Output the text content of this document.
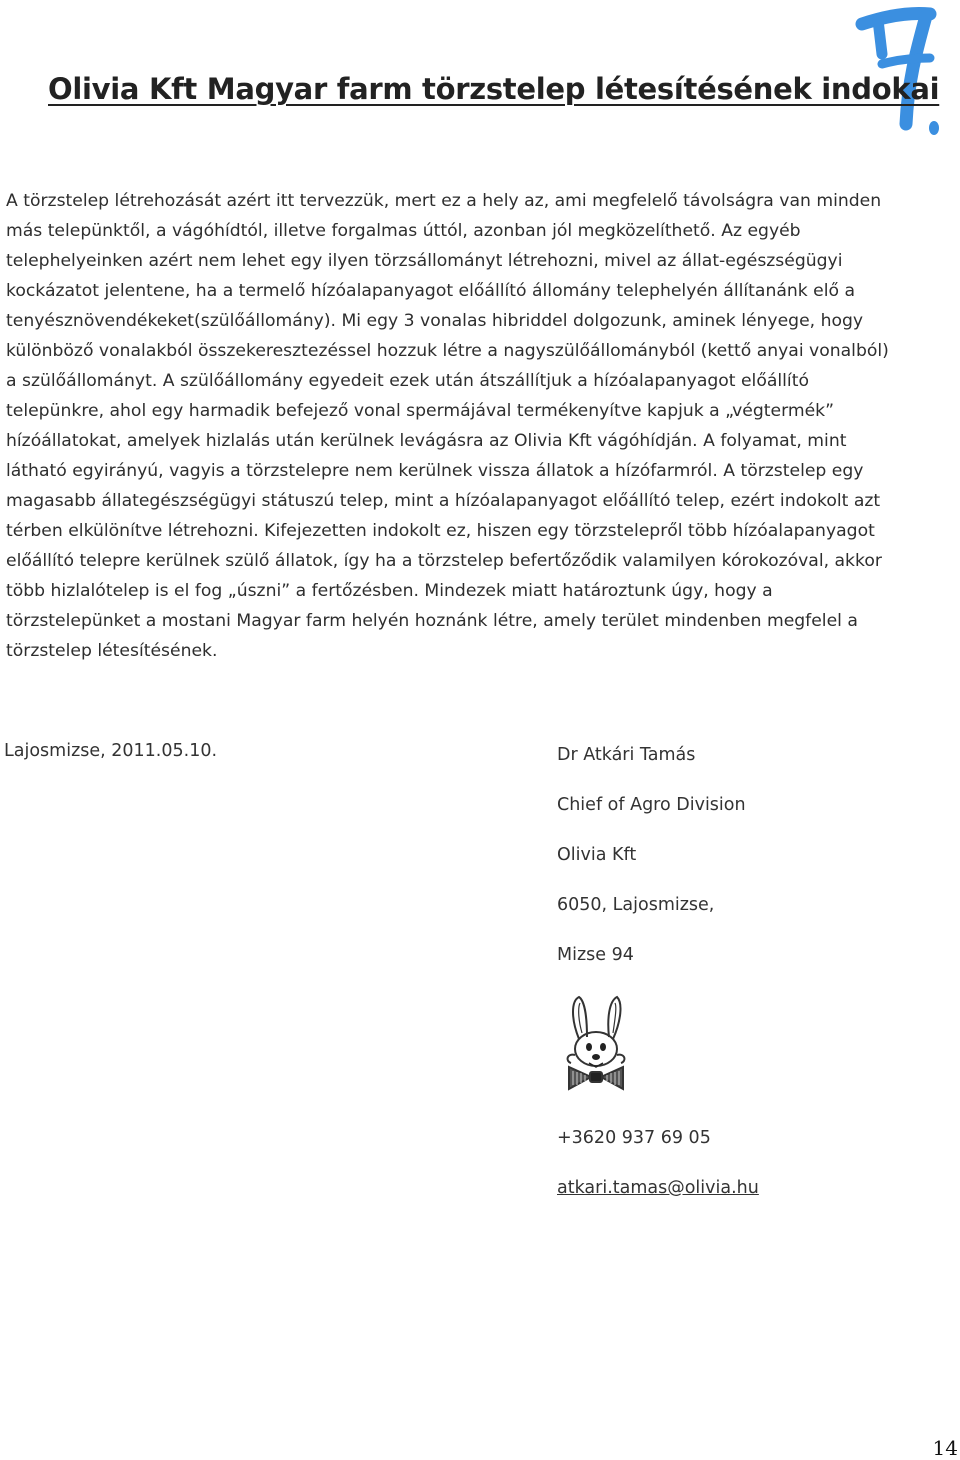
Olivia Kft Magyar farm törzstelep létesítésének indokai

A törzstelep létrehozását azért itt tervezzük, mert ez a hely az, ami megfelelő távolságra van minden más telepünktől, a vágóhídtól, illetve forgalmas úttól, azonban jól megközelíthető. Az egyéb telephelyeinken azért nem lehet egy ilyen törzsállományt létrehozni, mivel az állat-egészségügyi kockázatot jelentene, ha a termelő hízóalapanyagot előállító állomány telephelyén állítanánk elő a tenyésznövendékeket(szülőállomány). Mi egy 3 vonalas hibriddel dolgozunk, aminek lényege, hogy különböző vonalakból összekeresztezéssel hozzuk létre a nagyszülőállományból (kettő anyai vonalból) a szülőállományt. A szülőállomány egyedeit ezek után átszállítjuk a hízóalapanyagot előállító telepünkre, ahol egy harmadik befejező vonal spermájával termékenyítve kapjuk a „végtermék” hízóállatokat, amelyek hizlalás után kerülnek levágásra az Olivia Kft vágóhídján. A folyamat, mint látható egyirányú, vagyis a törzstelepre nem kerülnek vissza állatok a hízófarmról. A törzstelep egy magasabb állategészségügyi státuszú telep, mint a hízóalapanyagot előállító telep, ezért indokolt azt térben elkülönítve létrehozni. Kifejezetten indokolt ez, hiszen egy törzstelepről több hízóalapanyagot előállító telepre kerülnek szülő állatok, így ha a törzstelep befertőződik valamilyen kórokozóval, akkor több hizlalótelep is el fog „úszni” a fertőzésben. Mindezek miatt határoztunk úgy, hogy a törzstelepünket a mostani Magyar farm helyén hoznánk létre, amely terület mindenben megfelel a törzstelep létesítésének.

Lajosmizse, 2011.05.10.	Dr Atkári Tamás
Chief of Agro Division
Olivia Kft
6050, Lajosmizse,
Mizse 94
+3620 937 69 05
atkari.tamas@olivia.hu
14
